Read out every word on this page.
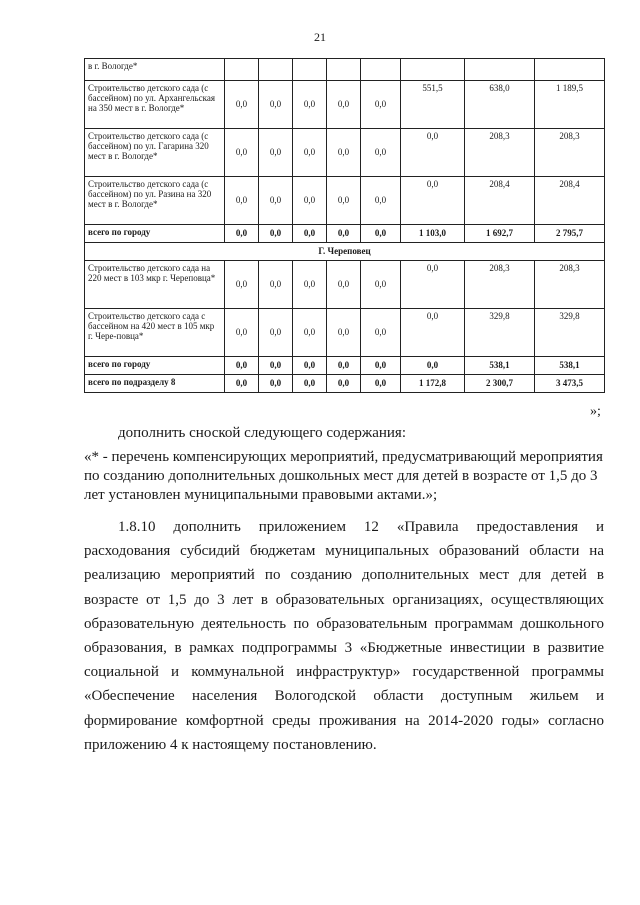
21
в г. Вологде*								
Строительство детского сада (с бассейном) по ул. Архангельская на 350 мест в г. Вологде*	0,0	0,0	0,0	0,0	0,0	551,5	638,0	1 189,5
Строительство детского сада (с бассейном) по ул. Гагарина 320 мест в г. Вологде*	0,0	0,0	0,0	0,0	0,0	0,0	208,3	208,3
Строительство детского сада (с бассейном) по ул. Разина на 320 мест в г. Вологде*	0,0	0,0	0,0	0,0	0,0	0,0	208,4	208,4
всего по городу	0,0	0,0	0,0	0,0	0,0	1 103,0	1 692,7	2 795,7
Г. Череповец								
Строительство детского сада на 220 мест в 103 мкр г. Череповца*	0,0	0,0	0,0	0,0	0,0	0,0	208,3	208,3
Строительство детского сада с бассейном на 420 мест в 105 мкр г. Чере-повца*	0,0	0,0	0,0	0,0	0,0	0,0	329,8	329,8
всего по городу	0,0	0,0	0,0	0,0	0,0	0,0	538,1	538,1
всего по подразделу 8	0,0	0,0	0,0	0,0	0,0	1 172,8	2 300,7	3 473,5
»;

дополнить сноской следующего содержания:

«* - перечень компенсирующих мероприятий, предусматривающий мероприятия по созданию дополнительных дошкольных мест для детей в возрасте от 1,5 до 3 лет установлен муниципальными правовыми актами.»;

1.8.10 дополнить приложением 12 «Правила предоставления и расходования субсидий бюджетам муниципальных образований области на реализацию мероприятий по созданию дополнительных мест для детей в возрасте от 1,5 до 3 лет в образовательных организациях, осуществляющих образовательную деятельность по образовательным программам дошкольного образования, в рамках подпрограммы 3 «Бюджетные инвестиции в развитие социальной и коммунальной инфраструктур» государственной программы «Обеспечение населения Вологодской области доступным жильем и формирование комфортной среды проживания на 2014-2020 годы» согласно приложению 4 к настоящему постановлению.
